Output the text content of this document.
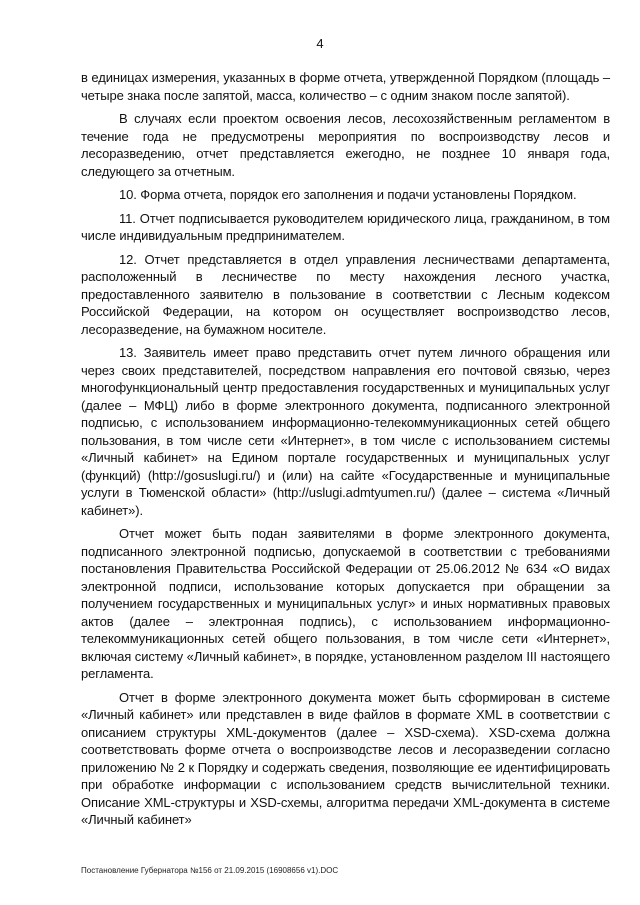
4

в единицах измерения, указанных в форме отчета, утвержденной Порядком (площадь – четыре знака после запятой, масса, количество – с одним знаком после запятой).

В случаях если проектом освоения лесов, лесохозяйственным регламентом в течение года не предусмотрены мероприятия по воспроизводству лесов и лесоразведению, отчет представляется ежегодно, не позднее 10 января года, следующего за отчетным.

10. Форма отчета, порядок его заполнения и подачи установлены Порядком.

11. Отчет подписывается руководителем юридического лица, гражданином, в том числе индивидуальным предпринимателем.

12. Отчет представляется в отдел управления лесничествами департамента, расположенный в лесничестве по месту нахождения лесного участка, предоставленного заявителю в пользование в соответствии с Лесным кодексом Российской Федерации, на котором он осуществляет воспроизводство лесов, лесоразведение, на бумажном носителе.

13. Заявитель имеет право представить отчет путем личного обращения или через своих представителей, посредством направления его почтовой связью, через многофункциональный центр предоставления государственных и муниципальных услуг (далее – МФЦ) либо в форме электронного документа, подписанного электронной подписью, с использованием информационно-телекоммуникационных сетей общего пользования, в том числе сети «Интернет», в том числе с использованием системы «Личный кабинет» на Едином портале государственных и муниципальных услуг (функций) (http://gosuslugi.ru/) и (или) на сайте «Государственные и муниципальные услуги в Тюменской области» (http://uslugi.admtyumen.ru/) (далее – система «Личный кабинет»).

Отчет может быть подан заявителями в форме электронного документа, подписанного электронной подписью, допускаемой в соответствии с требованиями постановления Правительства Российской Федерации от 25.06.2012 № 634 «О видах электронной подписи, использование которых допускается при обращении за получением государственных и муниципальных услуг» и иных нормативных правовых актов (далее – электронная подпись), с использованием информационно-телекоммуникационных сетей общего пользования, в том числе сети «Интернет», включая систему «Личный кабинет», в порядке, установленном разделом III настоящего регламента.

Отчет в форме электронного документа может быть сформирован в системе «Личный кабинет» или представлен в виде файлов в формате XML в соответствии с описанием структуры XML-документов (далее – XSD-схема). XSD-схема должна соответствовать форме отчета о воспроизводстве лесов и лесоразведении согласно приложению № 2 к Порядку и содержать сведения, позволяющие ее идентифицировать при обработке информации с использованием средств вычислительной техники. Описание XML-структуры и XSD-схемы, алгоритма передачи XML-документа в системе «Личный кабинет»

Постановление Губернатора №156 от 21.09.2015 (16908656 v1).DOC
